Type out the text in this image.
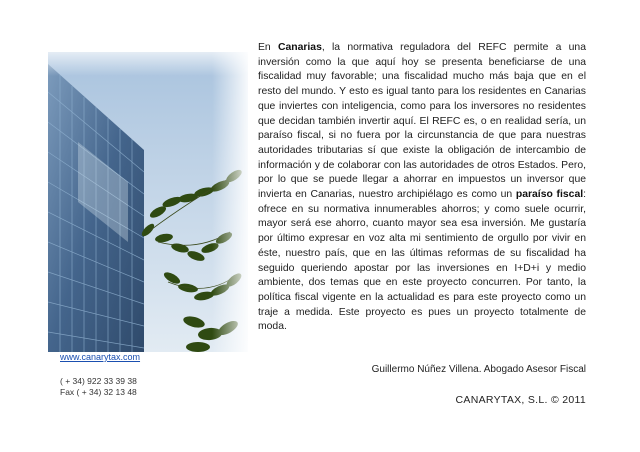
www.canarytax.com
( + 34) 922 33 39 38
Fax ( + 34) 32 13 48
En Canarias, la normativa reguladora del REFC permite a una inversión como la que aquí hoy se presenta beneficiarse de una fiscalidad muy favorable; una fiscalidad mucho más baja que en el resto del mundo. Y esto es igual tanto para los residentes en Canarias que inviertes con inteligencia, como para los inversores no residentes que decidan también invertir aquí. El REFC es, o en realidad sería, un paraíso fiscal, si no fuera por la circunstancia de que para nuestras autoridades tributarias sí que existe la obligación de intercambio de información y de colaborar con las autoridades de otros Estados. Pero, por lo que se puede llegar a ahorrar en impuestos un inversor que invierta en Canarias, nuestro archipiélago es como un paraíso fiscal: ofrece en su normativa innumerables ahorros; y como suele ocurrir, mayor será ese ahorro, cuanto mayor sea esa inversión. Me gustaría por último expresar en voz alta mi sentimiento de orgullo por vivir en éste, nuestro país, que en las últimas reformas de su fiscalidad ha seguido queriendo apostar por las inversiones en I+D+i y medio ambiente, dos temas que en este proyecto concurren. Por tanto, la política fiscal vigente en la actualidad es para este proyecto como un traje a medida. Este proyecto es pues un proyecto totalmente de moda.
Guillermo Núñez Villena. Abogado Asesor Fiscal
CANARYTAX, S.L. © 2011
